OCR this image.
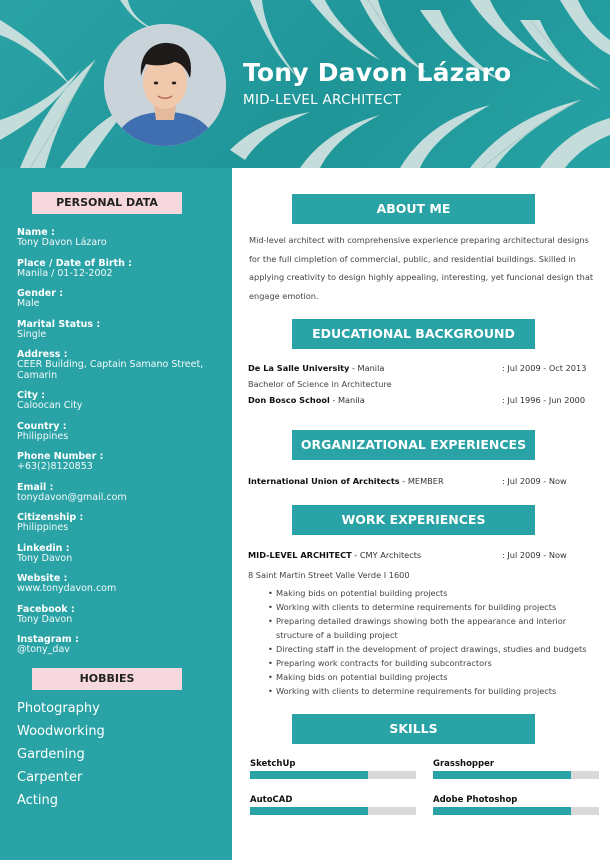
Tony Davon Lázaro
MID-LEVEL ARCHITECT
PERSONAL DATA
Name :
Tony Davon Lázaro
Place / Date of Birth :
Manila / 01-12-2002
Gender :
Male
Marital Status :
Single
Address :
CEER Building, Captain Samano Street, Camarin
City :
Caloocan City
Country :
Philippines
Phone Number :
+63(2)8120853
Email :
tonydavon@gmail.com
Citizenship :
Philippines
Linkedin :
Tony Davon
Website :
www.tonydavon.com
Facebook :
Tony Davon
Instagram :
@tony_dav
HOBBIES
Photography
Woodworking
Gardening
Carpenter
Acting
ABOUT ME
Mid-level architect with comprehensive experience preparing architectural designs for the full cimpletion of commercial, public, and residential buildings. Skilled in applying creativity to design highly appealing, interesting, yet funcional design that engage emotion.
EDUCATIONAL BACKGROUND
De La Salle University - Manila	: Jul 2009 - Oct 2013
Bachelor of Science in Architecture
Don Bosco School - Manila	: Jul 1996 - Jun 2000
ORGANIZATIONAL EXPERIENCES
International Union of Architects - MEMBER	: Jul 2009 - Now
WORK EXPERIENCES
MID-LEVEL ARCHITECT - CMY Architects	: Jul 2009 - Now
8 Saint Martin Street Valle Verde I 1600
• Making bids on potential building projects
• Working with clients to determine requirements for building projects
• Preparing detailed drawings showing both the appearance and interior structure of a building project
• Directing staff in the development of project drawings, studies and budgets
• Preparing work contracts for building subcontractors
• Making bids on potential building projects
• Working with clients to determine requirements for building projects
SKILLS
SketchUp	Grasshopper
AutoCAD	Adobe Photoshop
